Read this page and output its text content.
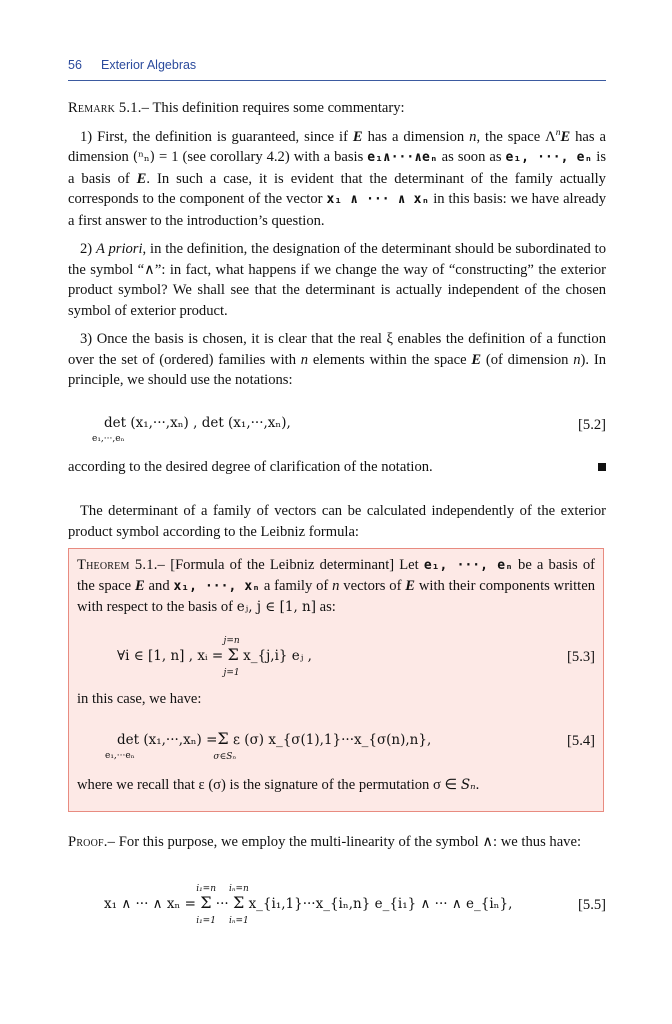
56 Exterior Algebras

Remark 5.1.– This definition requires some commentary:

1) First, the definition is guaranteed, since if E has a dimension n, the space $\Lambda^nE$ has a dimension (ⁿₙ) = 1 (see corollary 4.2) with a basis e₁∧···∧eₙ as soon as e₁, ···, eₙ is a basis of E. In such a case, it is evident that the determinant of the family actually corresponds to the component of the vector x₁ ∧ ··· ∧ xₙ in this basis: we have already a first answer to the introduction’s question.

2) A priori, in the definition, the designation of the determinant should be subordinated to the symbol “∧”: in fact, what happens if we change the way of “constructing” the exterior product symbol? We shall see that the determinant is actually independent of the chosen symbol of exterior product.

3) Once the basis is chosen, it is clear that the real ξ enables the definition of a function over the set of (ordered) families with n elements within the space E (of dimension n). In principle, we should use the notations:

det (x₁,···,xₙ) , det (x₁,···,xₙ),
e₁,···,eₙ
[5.2]

according to the desired degree of clarification of the notation.

The determinant of a family of vectors can be calculated independently of the exterior product symbol according to the Leibniz formula:

Theorem 5.1.– [Formula of the Leibniz determinant] Let e₁, ···, eₙ be a basis of the space E and x₁, ···, xₙ a family of n vectors of E with their components written with respect to the basis of eⱼ, j ∈ [1, n] as:

∀i ∈ [1, n] , xᵢ = Σ
j=n
j=1
x_{j,i} eⱼ ,	[5.3]

in this case, we have:

det (x₁,···,xₙ) =
e₁,···eₙ
Σ
σ∈Sₙ
ε (σ) x_{σ(1),1}···x_{σ(n),n},	[5.4]

where we recall that ε (σ) is the signature of the permutation σ ∈ Sₙ.

Proof.– For this purpose, we employ the multi-linearity of the symbol ∧: we thus have:

x₁ ∧ ··· ∧ xₙ = Σ
i₁=n
i₁=1
··· Σ
iₙ=n
iₙ=1
x_{i₁,1}···x_{iₙ,n} e_{i₁} ∧ ··· ∧ e_{iₙ},	[5.5]
